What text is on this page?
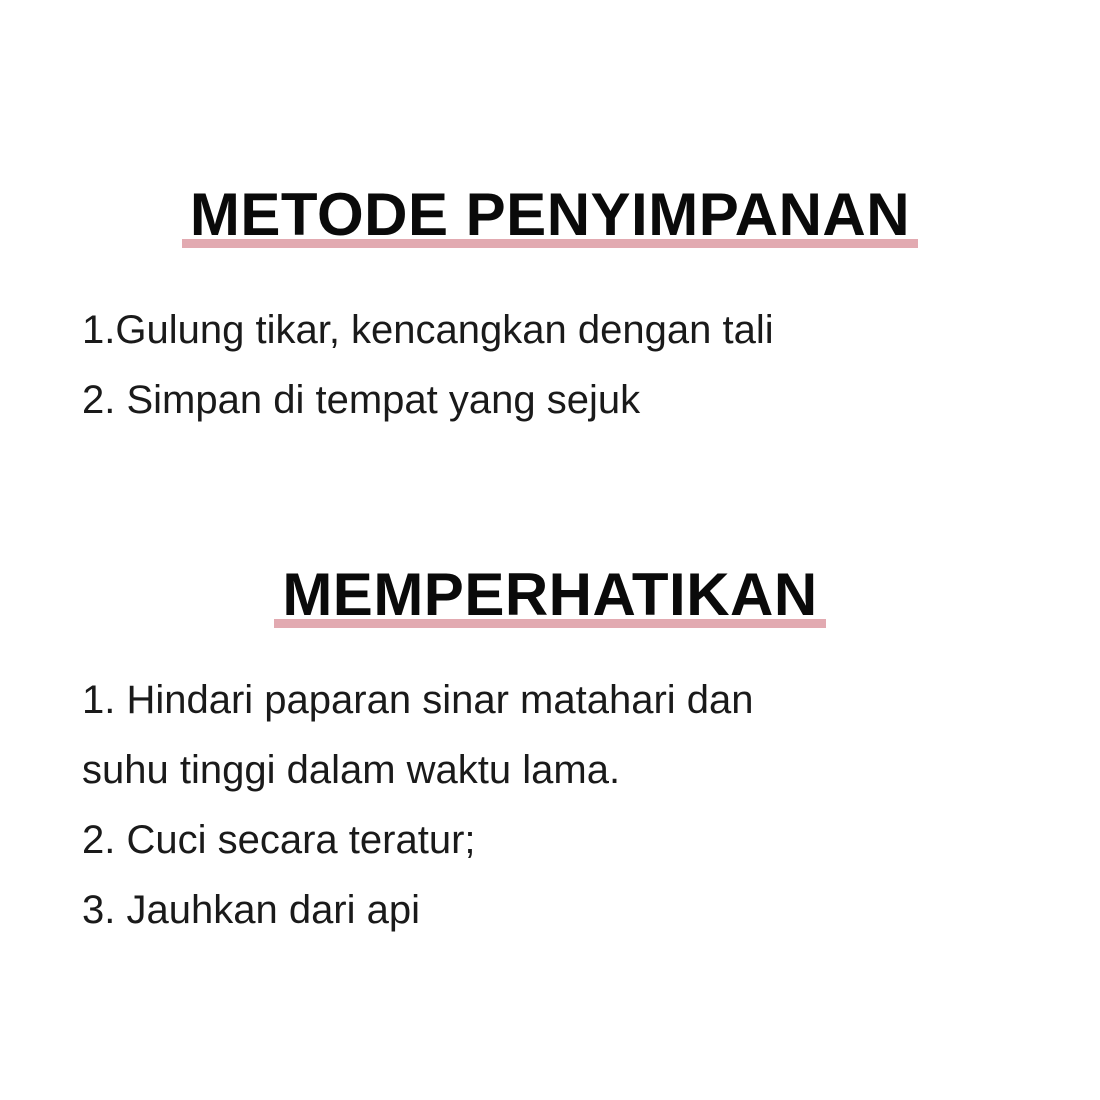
METODE PENYIMPANAN
1.Gulung tikar, kencangkan dengan tali
2. Simpan di tempat yang sejuk
MEMPERHATIKAN
1. Hindari paparan sinar matahari dan
suhu tinggi dalam waktu lama.
2. Cuci secara teratur;
3. Jauhkan dari api
